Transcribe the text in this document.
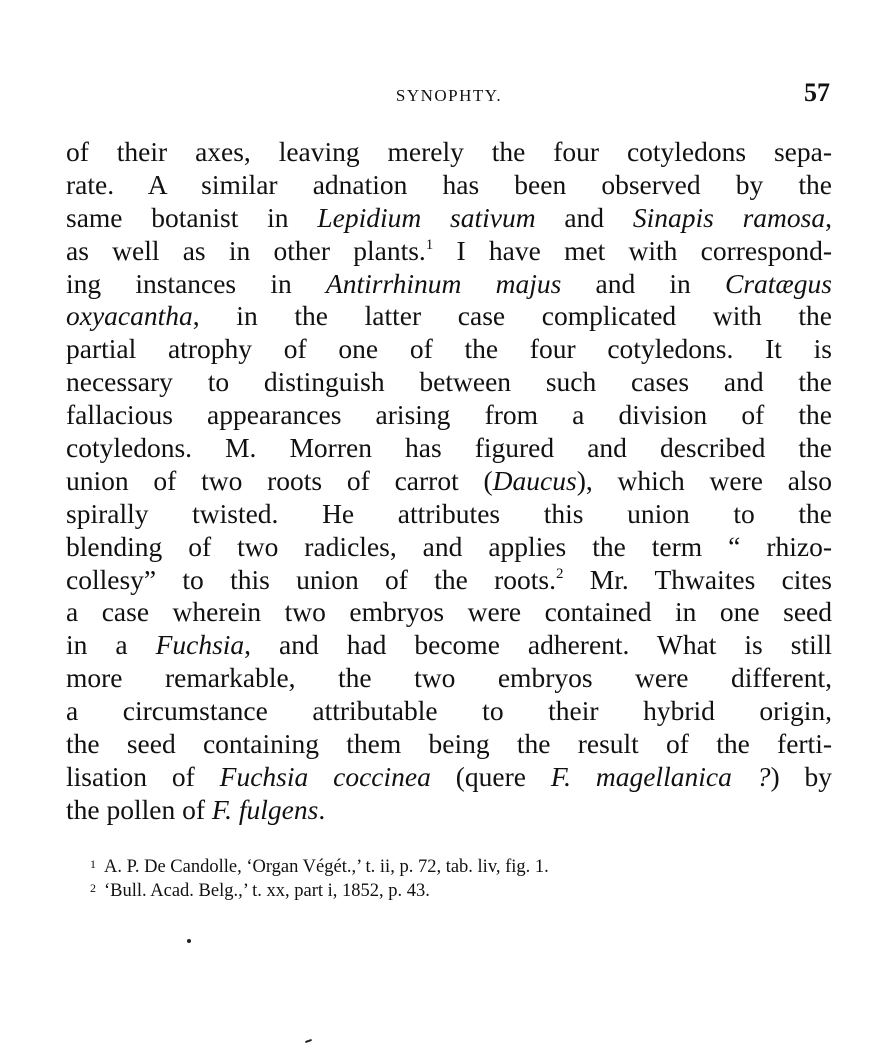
SYNOPHTY.	57
of their axes, leaving merely the four cotyledons sepa-
rate. A similar adnation has been observed by the
same botanist in Lepidium sativum and Sinapis ramosa,
as well as in other plants.$^1$ I have met with correspond-
ing instances in Antirrhinum majus and in Cratægus
oxyacantha, in the latter case complicated with the
partial atrophy of one of the four cotyledons. It is
necessary to distinguish between such cases and the
fallacious appearances arising from a division of the
cotyledons. M. Morren has figured and described the
union of two roots of carrot (Daucus), which were also
spirally twisted. He attributes this union to the
blending of two radicles, and applies the term “ rhizo-
collesy” to this union of the roots.$^2$ Mr. Thwaites cites
a case wherein two embryos were contained in one seed
in a Fuchsia, and had become adherent. What is still
more remarkable, the two embryos were different,
a circumstance attributable to their hybrid origin,
the seed containing them being the result of the ferti-
lisation of Fuchsia coccinea (quere F. magellanica ?) by
the pollen of F. fulgens.
1 A. P. De Candolle, ‘Organ Végét.,’ t. ii, p. 72, tab. liv, fig. 1.
2 ‘Bull. Acad. Belg.,’ t. xx, part i, 1852, p. 43.
